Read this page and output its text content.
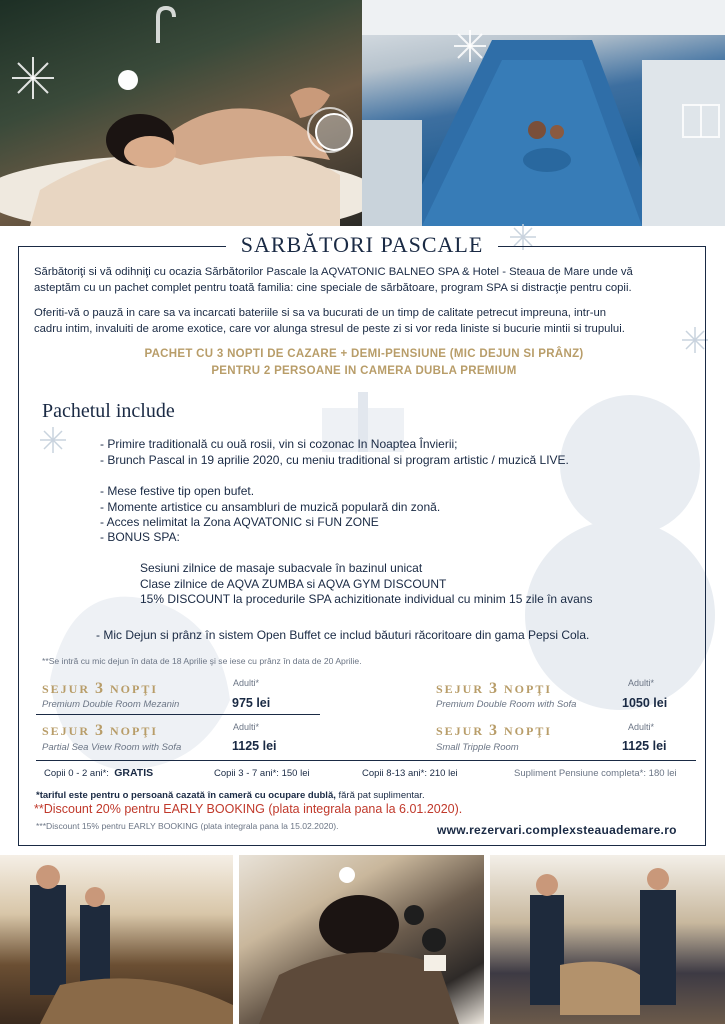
SARBĂTORI PASCALE
Sărbătoriţi si vă odihniţi cu ocazia Sărbătorilor Pascale la AQVATONIC BALNEO SPA & Hotel - Steaua de Mare unde vă
asteptăm cu un pachet complet pentru toată familia: cine speciale de sărbătoare, program SPA si distracţie pentru copii.
Oferiti-vă o pauză in care sa va incarcati bateriile si sa va bucurati de un timp de calitate petrecut impreuna, intr-un
cadru intim, invaluiti de arome exotice, care vor alunga stresul de peste zi si vor reda liniste si bucurie mintii si trupului.
PACHET CU 3 NOPTI DE CAZARE + DEMI-PENSIUNE (MIC DEJUN SI PRÂNZ)
PENTRU 2 PERSOANE IN CAMERA DUBLA PREMIUM
Pachetul include
- Primire traditională cu ouă rosii, vin si cozonac In Noaptea Învierii;
- Brunch Pascal in 19 aprilie 2020, cu meniu traditional si program artistic / muzică LIVE.
- Mese festive tip open bufet.
- Momente artistice cu ansambluri de muzică populară din zonă.
- Acces nelimitat la Zona AQVATONIC si FUN ZONE
- BONUS SPA:
Sesiuni zilnice de masaje subacvale în bazinul unicat
Clase zilnice de AQVA ZUMBA si AQVA GYM DISCOUNT
15% DISCOUNT la procedurile SPA achizitionate individual cu minim 15 zile în avans
- Mic Dejun si prânz în sistem Open Buffet ce includ băuturi răcoritoare din gama Pepsi Cola.
**Se intră cu mic dejun în data de 18 Aprilie şi se iese cu prânz în data de 20 Aprilie.
SEJUR 3 NOPŢI	Adulti*
Premium Double Room Mezanin	975 lei
SEJUR 3 NOPŢI	Adulti*
Premium Double Room with Sofa	1050 lei
SEJUR 3 NOPŢI	Adulti*
Partial Sea View Room with Sofa	1125 lei
SEJUR 3 NOPŢI	Adulti*
Small Tripple Room	1125 lei
Copii 0 - 2 ani*: GRATIS	Copii 3 - 7 ani*: 150 lei	Copii 8-13 ani*: 210 lei	Supliment Pensiune completa*: 180 lei
*tariful este pentru o persoană cazată în cameră cu ocupare dublă, fără pat suplimentar.
**Discount 20% pentru EARLY BOOKING (plata integrala pana la 6.01.2020).
***Discount 15% pentru EARLY BOOKING (plata integrala pana la 15.02.2020).	www.rezervari.complexsteauademare.ro
